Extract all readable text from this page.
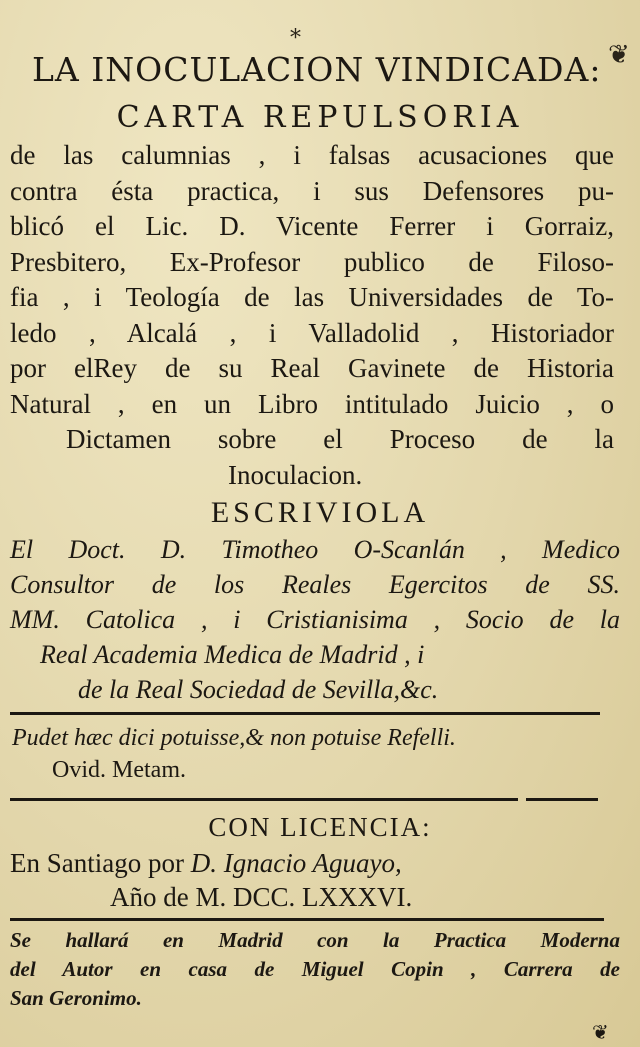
*
❦
LA INOCULACION VINDICADA:
CARTA REPULSORIA
de las calumnias , i falsas acusaciones que
contra ésta practica, i sus Defensores pu-
blicó el Lic. D. Vicente Ferrer i Gorraiz,
Presbitero, Ex-Profesor publico de Filoso-
fia , i Teología de las Universidades de To-
ledo , Alcalá , i Valladolid , Historiador
por elRey de su Real Gavinete de Historia
Natural , en un Libro intitulado Juicio , o
Dictamen sobre el Proceso de la
Inoculacion.
ESCRIVIOLA
El Doct. D. Timotheo O-Scanlán , Medico
Consultor de los Reales Egercitos de SS.
MM. Catolica , i Cristianisima , Socio de la
Real Academia Medica de Madrid , i
de la Real Sociedad de Sevilla,&c.
Pudet hæc dici potuisse,& non potuise Refelli.
Ovid. Metam.
CON LICENCIA:
En Santiago por D. Ignacio Aguayo,
Año de M. DCC. LXXXVI.
Se hallará en Madrid con la Practica Moderna
del Autor en casa de Miguel Copin , Carrera de
San Geronimo.
❦
